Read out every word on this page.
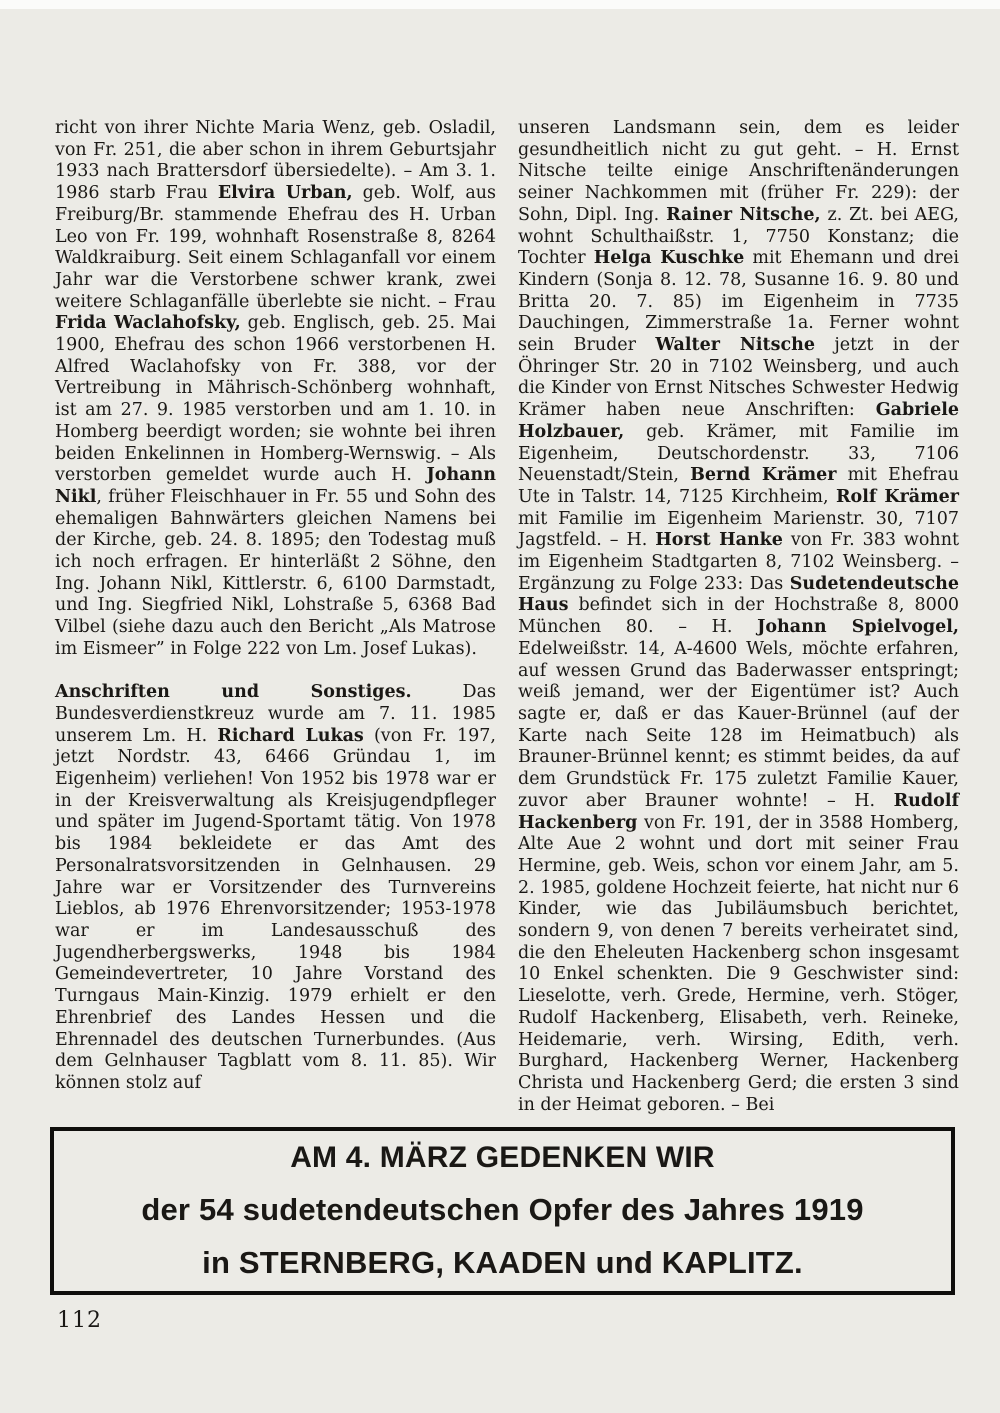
richt von ihrer Nichte Maria Wenz, geb. Osladil, von Fr. 251, die aber schon in ihrem Geburtsjahr 1933 nach Brattersdorf übersiedelte). – Am 3. 1. 1986 starb Frau Elvira Urban, geb. Wolf, aus Freiburg/Br. stammende Ehefrau des H. Urban Leo von Fr. 199, wohnhaft Rosenstraße 8, 8264 Waldkraiburg. Seit einem Schlaganfall vor einem Jahr war die Verstorbene schwer krank, zwei weitere Schlaganfälle überlebte sie nicht. – Frau Frida Waclahofsky, geb. Englisch, geb. 25. Mai 1900, Ehefrau des schon 1966 verstorbenen H. Alfred Waclahofsky von Fr. 388, vor der Vertreibung in Mährisch-Schönberg wohnhaft, ist am 27. 9. 1985 verstorben und am 1. 10. in Homberg beerdigt worden; sie wohnte bei ihren beiden Enkelinnen in Homberg-Wernswig. – Als verstorben gemeldet wurde auch H. Johann Nikl, früher Fleischhauer in Fr. 55 und Sohn des ehemaligen Bahnwärters gleichen Namens bei der Kirche, geb. 24. 8. 1895; den Todestag muß ich noch erfragen. Er hinterläßt 2 Söhne, den Ing. Johann Nikl, Kittlerstr. 6, 6100 Darmstadt, und Ing. Siegfried Nikl, Lohstraße 5, 6368 Bad Vilbel (siehe dazu auch den Bericht „Als Matrose im Eismeer” in Folge 222 von Lm. Josef Lukas).

Anschriften und Sonstiges. Das Bundesverdienstkreuz wurde am 7. 11. 1985 unserem Lm. H. Richard Lukas (von Fr. 197, jetzt Nordstr. 43, 6466 Gründau 1, im Eigenheim) verliehen! Von 1952 bis 1978 war er in der Kreisverwaltung als Kreisjugendpfleger und später im Jugend-Sportamt tätig. Von 1978 bis 1984 bekleidete er das Amt des Personalratsvorsitzenden in Gelnhausen. 29 Jahre war er Vorsitzender des Turnvereins Lieblos, ab 1976 Ehrenvorsitzender; 1953-1978 war er im Landesausschuß des Jugendherbergswerks, 1948 bis 1984 Gemeindevertreter, 10 Jahre Vorstand des Turngaus Main-Kinzig. 1979 erhielt er den Ehrenbrief des Landes Hessen und die Ehrennadel des deutschen Turnerbundes. (Aus dem Gelnhauser Tagblatt vom 8. 11. 85). Wir können stolz auf

unseren Landsmann sein, dem es leider gesundheitlich nicht zu gut geht. – H. Ernst Nitsche teilte einige Anschriftenänderungen seiner Nachkommen mit (früher Fr. 229): der Sohn, Dipl. Ing. Rainer Nitsche, z. Zt. bei AEG, wohnt Schulthaißstr. 1, 7750 Konstanz; die Tochter Helga Kuschke mit Ehemann und drei Kindern (Sonja 8. 12. 78, Susanne 16. 9. 80 und Britta 20. 7. 85) im Eigenheim in 7735 Dauchingen, Zimmerstraße 1a. Ferner wohnt sein Bruder Walter Nitsche jetzt in der Öhringer Str. 20 in 7102 Weinsberg, und auch die Kinder von Ernst Nitsches Schwester Hedwig Krämer haben neue Anschriften: Gabriele Holzbauer, geb. Krämer, mit Familie im Eigenheim, Deutschordenstr. 33, 7106 Neuenstadt/Stein, Bernd Krämer mit Ehefrau Ute in Talstr. 14, 7125 Kirchheim, Rolf Krämer mit Familie im Eigenheim Marienstr. 30, 7107 Jagstfeld. – H. Horst Hanke von Fr. 383 wohnt im Eigenheim Stadtgarten 8, 7102 Weinsberg. – Ergänzung zu Folge 233: Das Sudetendeutsche Haus befindet sich in der Hochstraße 8, 8000 München 80. – H. Johann Spielvogel, Edelweißstr. 14, A-4600 Wels, möchte erfahren, auf wessen Grund das Baderwasser entspringt; weiß jemand, wer der Eigentümer ist? Auch sagte er, daß er das Kauer-Brünnel (auf der Karte nach Seite 128 im Heimatbuch) als Brauner-Brünnel kennt; es stimmt beides, da auf dem Grundstück Fr. 175 zuletzt Familie Kauer, zuvor aber Brauner wohnte! – H. Rudolf Hackenberg von Fr. 191, der in 3588 Homberg, Alte Aue 2 wohnt und dort mit seiner Frau Hermine, geb. Weis, schon vor einem Jahr, am 5. 2. 1985, goldene Hochzeit feierte, hat nicht nur 6 Kinder, wie das Jubiläumsbuch berichtet, sondern 9, von denen 7 bereits verheiratet sind, die den Eheleuten Hackenberg schon insgesamt 10 Enkel schenkten. Die 9 Geschwister sind: Lieselotte, verh. Grede, Hermine, verh. Stöger, Rudolf Hackenberg, Elisabeth, verh. Reineke, Heidemarie, verh. Wirsing, Edith, verh. Burghard, Hackenberg Werner, Hackenberg Christa und Hackenberg Gerd; die ersten 3 sind in der Heimat geboren. – Bei

AM 4. MÄRZ GEDENKEN WIR
der 54 sudetendeutschen Opfer des Jahres 1919
in STERNBERG, KAADEN und KAPLITZ.
112
